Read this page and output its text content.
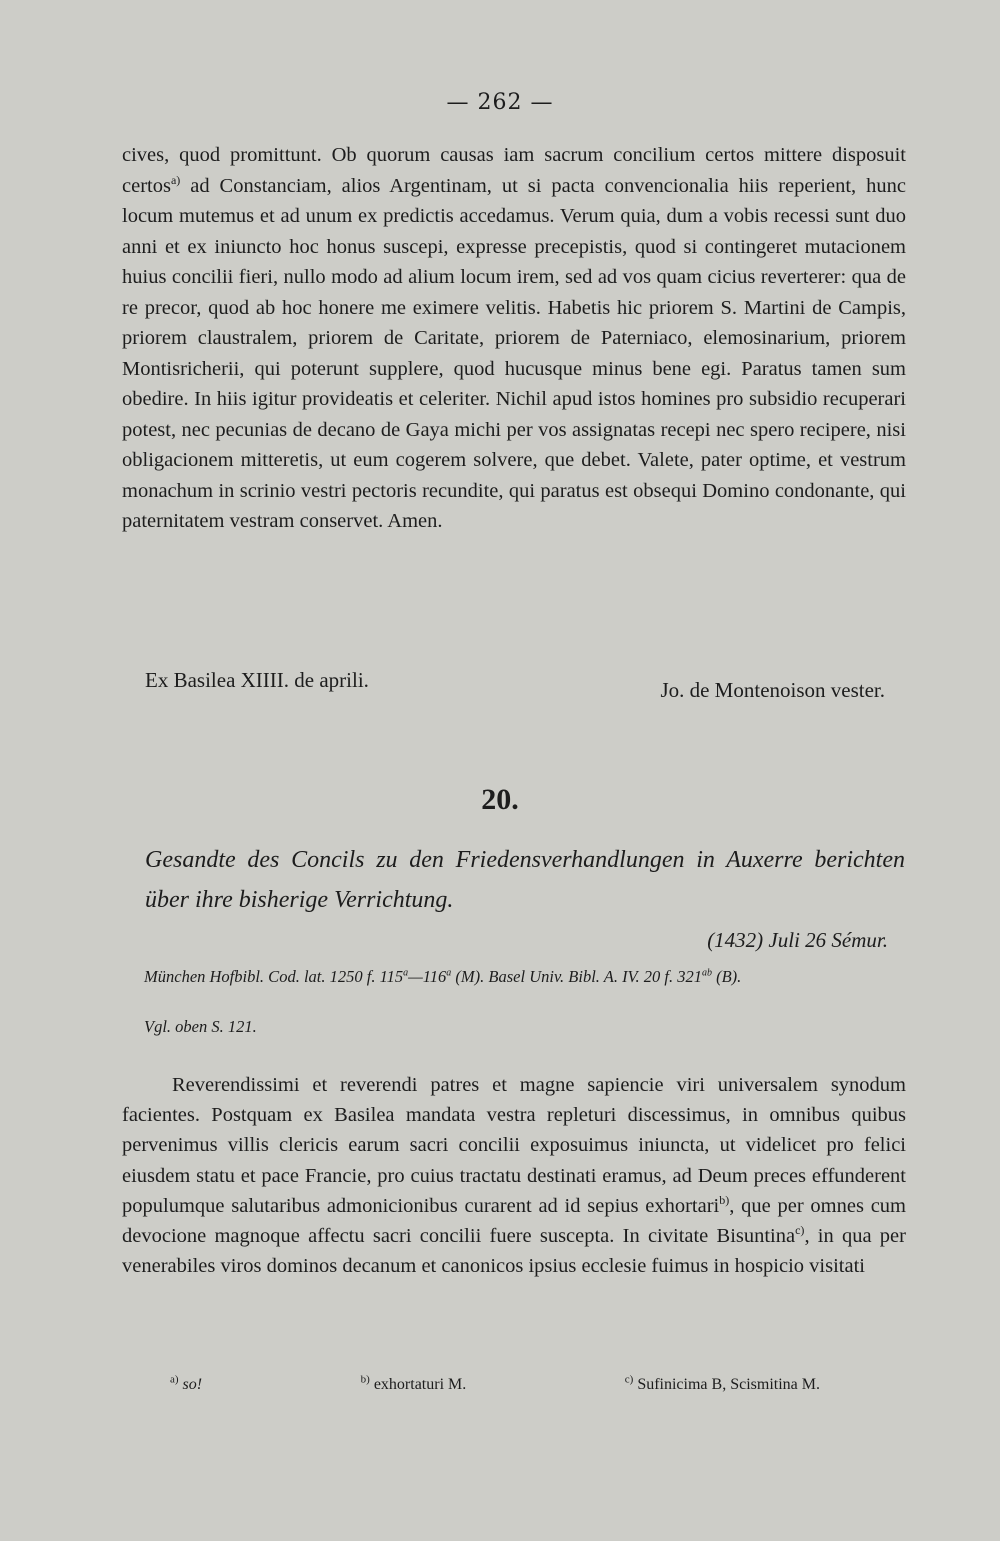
— 262 —

cives, quod promittunt. Ob quorum causas iam sacrum concilium certos mittere disposuit certos$^{a)}$ ad Constanciam, alios Argentinam, ut si pacta convencionalia hiis reperient, hunc locum mutemus et ad unum ex predictis accedamus. Verum quia, dum a vobis recessi sunt duo anni et ex iniuncto hoc honus suscepi, expresse precepistis, quod si contingeret mutacionem huius concilii fieri, nullo modo ad alium locum irem, sed ad vos quam cicius reverterer: qua de re precor, quod ab hoc honere me eximere velitis. Habetis hic priorem S. Martini de Campis, priorem claustralem, priorem de Caritate, priorem de Paterniaco, elemosinarium, priorem Montisricherii, qui poterunt supplere, quod hucusque minus bene egi. Paratus tamen sum obedire. In hiis igitur provideatis et celeriter. Nichil apud istos homines pro subsidio recuperari potest, nec pecunias de decano de Gaya michi per vos assignatas recepi nec spero recipere, nisi obligacionem mitteretis, ut eum cogerem solvere, que debet. Valete, pater optime, et vestrum monachum in scrinio vestri pectoris recundite, qui paratus est obsequi Domino condonante, qui paternitatem vestram conservet. Amen.

Ex Basilea XIIII. de aprili.	Jo. de Montenoison vester.
20.
Gesandte des Concils zu den Friedensverhandlungen in Auxerre berichten über ihre bisherige Verrichtung.
(1432) Juli 26 Sémur.
München Hofbibl. Cod. lat. 1250 f. 115$^a$—116$^a$ (M). Basel Univ. Bibl. A. IV. 20 f. $321^{ab}$ (B).
Vgl. oben S. 121.

Reverendissimi et reverendi patres et magne sapiencie viri universalem synodum facientes. Postquam ex Basilea mandata vestra repleturi discessimus, in omnibus quibus pervenimus villis clericis earum sacri concilii exposuimus iniuncta, ut videlicet pro felici eiusdem statu et pace Francie, pro cuius tractatu destinati eramus, ad Deum preces effunderent populumque salutaribus admonicionibus curarent ad id sepius exhortari$^{b)}$, que per omnes cum devocione magnoque affectu sacri concilii fuere suscepta. In civitate Bisuntina$^{c)}$, in qua per venerabiles viros dominos decanum et canonicos ipsius ecclesie fuimus in hospicio visitati

$^{a)}$ so!	$^{b)}$ exhortaturi M.	$^{c)}$ Sufinicima B, Scismitina M.
